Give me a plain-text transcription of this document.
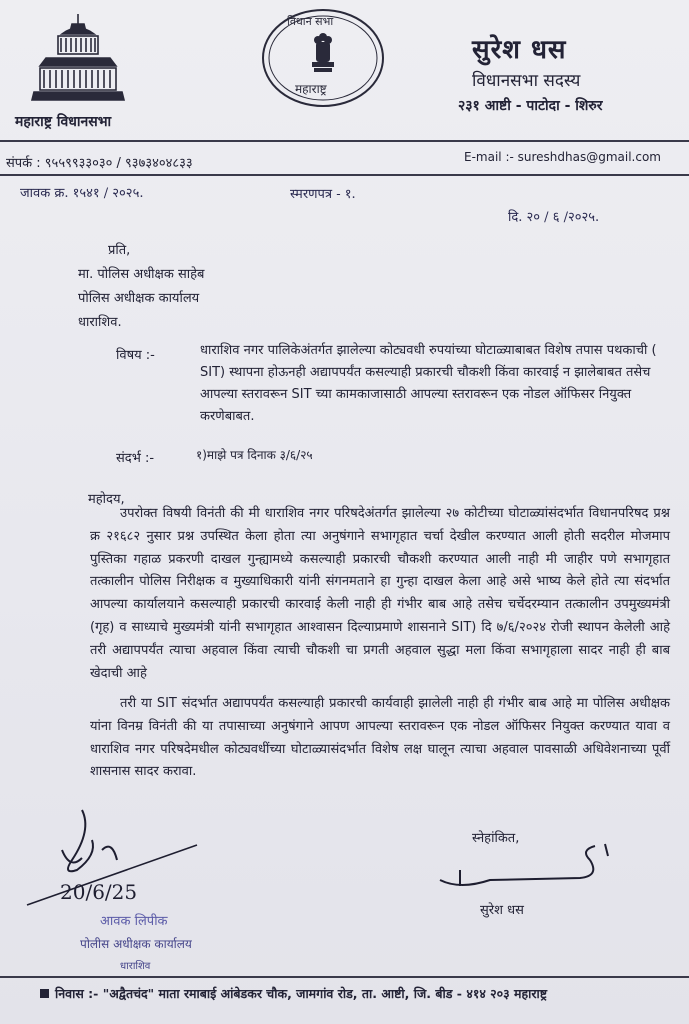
महाराष्ट्र विधानसभा
विधान सभा
महाराष्ट्र
सुरेश धस
विधानसभा सदस्य
२३१ आष्टी - पाटोदा - शिरुर
संपर्क : ९५५९९३३०३० / ९३७३४०४८३३	E-mail :- sureshdhas@gmail.com
जावक क्र. १५४१ / २०२५.	स्मरणपत्र - १.
दि. २० / ६ /२०२५.
प्रति,
मा. पोलिस अधीक्षक साहेब
पोलिस अधीक्षक कार्यालय
धाराशिव.
विषय :-	धाराशिव नगर पालिकेअंतर्गत झालेल्या कोट्यवधी रुपयांच्या घोटाळ्याबाबत विशेष तपास पथकाची ( SIT) स्थापना होऊनही अद्यापपर्यंत कसल्याही प्रकारची चौकशी किंवा कारवाई न झालेबाबत तसेच आपल्या स्तरावरून SIT च्या कामकाजासाठी आपल्या स्तरावरून एक नोडल ऑफिसर नियुक्त करणेबाबत.
संदर्भ :-	१)माझे पत्र दिनाक ३/६/२५
महोदय,
उपरोक्त विषयी विनंती की मी धाराशिव नगर परिषदेअंतर्गत झालेल्या २७ कोटीच्या घोटाळ्यांसंदर्भात विधानपरिषद प्रश्न क्र २१६८२ नुसार प्रश्न उपस्थित केला होता त्या अनुषंगाने सभागृहात चर्चा देखील करण्यात आली होती सदरील मोजमाप पुस्तिका गहाळ प्रकरणी दाखल गुन्ह्यामध्ये कसल्याही प्रकारची चौकशी करण्यात आली नाही मी जाहीर पणे सभागृहात तत्कालीन पोलिस निरीक्षक व मुख्याधिकारी यांनी संगनमताने हा गुन्हा दाखल केला आहे असे भाष्य केले होते त्या संदर्भात आपल्या कार्यालयाने कसल्याही प्रकारची कारवाई केली नाही ही गंभीर बाब आहे तसेच चर्चेदरम्यान तत्कालीन उपमुख्यमंत्री (गृह) व साध्याचे मुख्यमंत्री यांनी सभागृहात आश्वासन दिल्याप्रमाणे शासनाने SIT) दि ७/६/२०२४ रोजी स्थापन केलेली आहे तरी अद्यापपर्यंत त्याचा अहवाल किंवा त्याची चौकशी चा प्रगती अहवाल सुद्धा मला किंवा सभागृहाला सादर नाही ही बाब खेदाची आहे
तरी या SIT संदर्भात अद्यापपर्यंत कसल्याही प्रकारची कार्यवाही झालेली नाही ही गंभीर बाब आहे मा पोलिस अधीक्षक यांना विनम्र विनंती की या तपासाच्या अनुषंगाने आपण आपल्या स्तरावरून एक नोडल ऑफिसर नियुक्त करण्यात यावा व धाराशिव नगर परिषदेमधील कोट्यवधींच्या घोटाळ्यासंदर्भात विशेष लक्ष घालून त्याचा अहवाल पावसाळी अधिवेशनाच्या पूर्वी शासनास सादर करावा.
स्नेहांकित,
सुरेश धस
20/6/25
आवक लिपीक
पोलीस अधीक्षक कार्यालय
धाराशिव
निवास :- "अद्वैतचंद" माता रमाबाई आंबेडकर चौक, जामगांव रोड, ता. आष्टी, जि. बीड - ४१४ २०३ महाराष्ट्र
